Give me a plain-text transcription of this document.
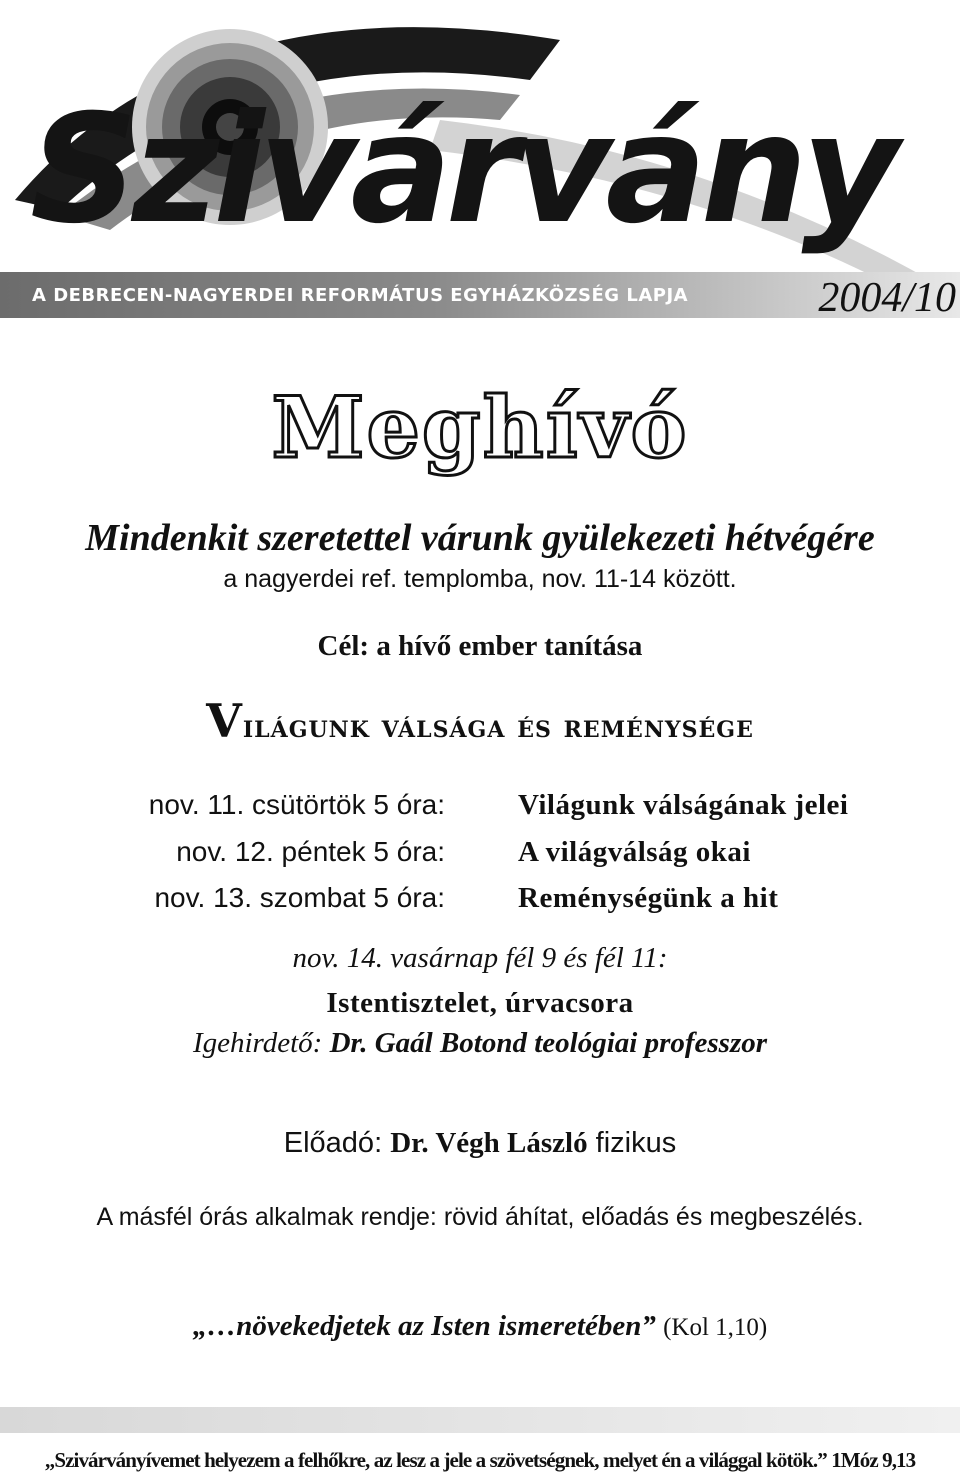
Szivárvány
A DEBRECEN-NAGYERDEI REFORMÁTUS EGYHÁZKÖZSÉG LAPJA	2004/10
Meghívó
Mindenkit szeretettel várunk gyülekezeti hétvégére
a nagyerdei ref. templomba, nov. 11-14 között.
Cél: a hívő ember tanítása
Világunk válsága és reménysége
nov. 11. csütörtök 5 óra:	Világunk válságának jelei
nov. 12. péntek 5 óra:	A világválság okai
nov. 13. szombat 5 óra:	Reménységünk a hit
nov. 14. vasárnap fél 9 és fél 11:
Istentisztelet, úrvacsora
Igehirdető: Dr. Gaál Botond teológiai professzor
Előadó: Dr. Végh László fizikus
A másfél órás alkalmak rendje: rövid áhítat, előadás és megbeszélés.
„…növekedjetek az Isten ismeretében” (Kol 1,10)
„Szivárványívemet helyezem a felhőkre, az lesz a jele a szövetségnek, melyet én a világgal kötök.” 1Móz 9,13
